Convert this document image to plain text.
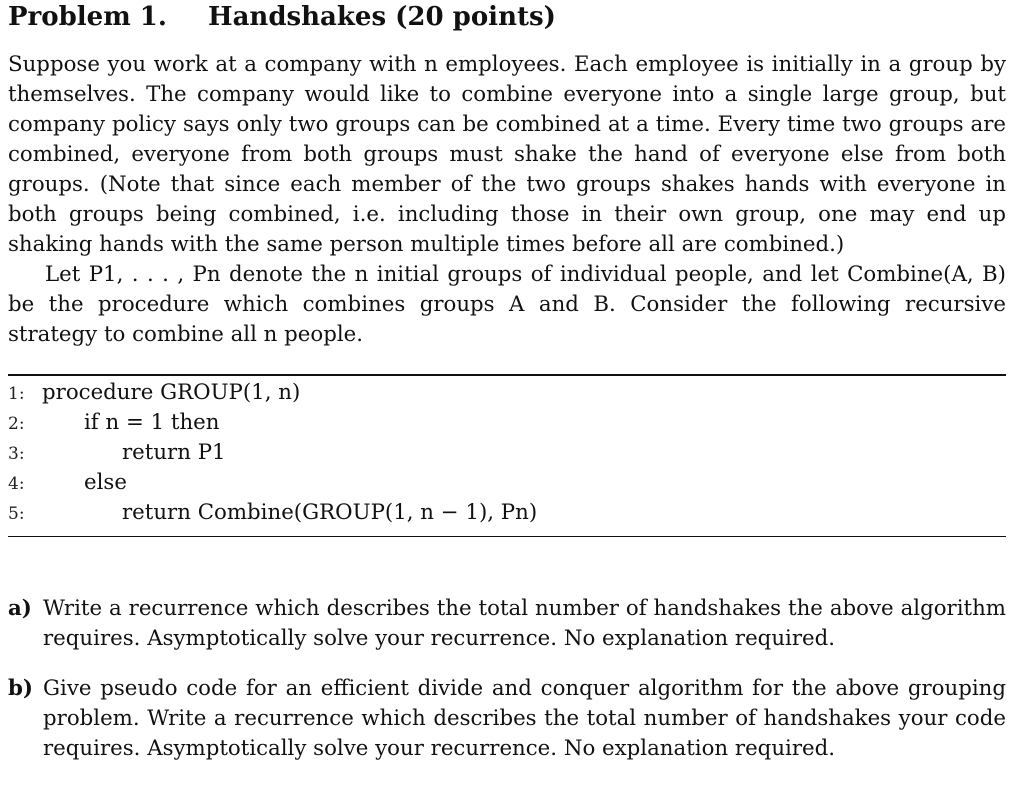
Problem 1. Handshakes (20 points)
Suppose you work at a company with n employees. Each employee is initially in a group by themselves. The company would like to combine everyone into a single large group, but company policy says only two groups can be combined at a time. Every time two groups are combined, everyone from both groups must shake the hand of everyone else from both groups. (Note that since each member of the two groups shakes hands with everyone in both groups being combined, i.e. including those in their own group, one may end up shaking hands with the same person multiple times before all are combined.)
Let P1, . . . , Pn denote the n initial groups of individual people, and let Combine(A, B) be the procedure which combines groups A and B. Consider the following recursive strategy to combine all n people.
1: procedure GROUP(1, n)
2:	if n = 1 then
3:	return P1
4:	else
5:	return Combine(GROUP(1, n − 1), Pn)
a) Write a recurrence which describes the total number of handshakes the above algorithm requires. Asymptotically solve your recurrence. No explanation required.
b) Give pseudo code for an efficient divide and conquer algorithm for the above grouping problem. Write a recurrence which describes the total number of handshakes your code requires. Asymptotically solve your recurrence. No explanation required.
